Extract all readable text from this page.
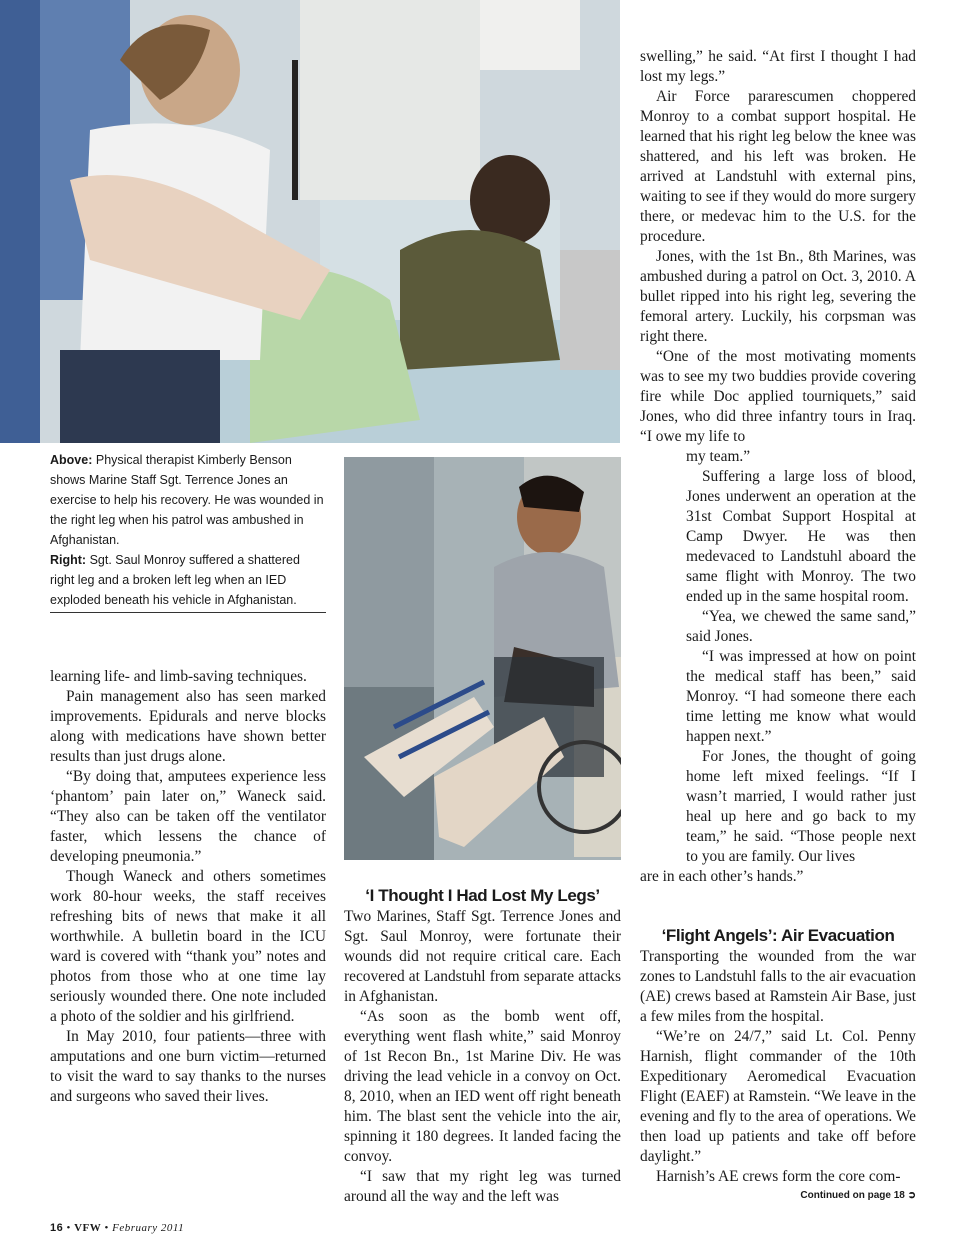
Above: Physical therapist Kimberly Benson shows Marine Staff Sgt. Terrence Jones an exercise to help his recovery. He was wounded in the right leg when his patrol was ambushed in Afghanistan.

Right: Sgt. Saul Monroy suffered a shattered right leg and a broken left leg when an IED exploded beneath his vehicle in Afghanistan.

learning life- and limb-saving techniques.

Pain management also has seen marked improvements. Epidurals and nerve blocks along with medications have shown better results than just drugs alone.

“By doing that, amputees experience less ‘phantom’ pain later on,” Waneck said. “They also can be taken off the ventilator faster, which lessens the chance of developing pneumonia.”

Though Waneck and others sometimes work 80-hour weeks, the staff receives refreshing bits of news that make it all worthwhile. A bulletin board in the ICU ward is covered with “thank you” notes and photos from those who at one time lay seriously wounded there. One note included a photo of the soldier and his girlfriend.

In May 2010, four patients—three with amputations and one burn victim—returned to visit the ward to say thanks to the nurses and surgeons who saved their lives.

‘I Thought I Had Lost My Legs’

Two Marines, Staff Sgt. Terrence Jones and Sgt. Saul Monroy, were fortunate their wounds did not require critical care. Each recovered at Landstuhl from separate attacks in Afghanistan.

“As soon as the bomb went off, everything went flash white,” said Monroy of 1st Recon Bn., 1st Marine Div. He was driving the lead vehicle in a convoy on Oct. 8, 2010, when an IED went off right beneath him. The blast sent the vehicle into the air, spinning it 180 degrees. It landed facing the convoy.

“I saw that my right leg was turned around all the way and the left was

swelling,” he said. “At first I thought I had lost my legs.”

Air Force pararescumen choppered Monroy to a combat support hospital. He learned that his right leg below the knee was shattered, and his left was broken. He arrived at Landstuhl with external pins, waiting to see if they would do more surgery there, or medevac him to the U.S. for the procedure.

Jones, with the 1st Bn., 8th Marines, was ambushed during a patrol on Oct. 3, 2010. A bullet ripped into his right leg, severing the femoral artery. Luckily, his corpsman was right there.

“One of the most motivating moments was to see my two buddies provide covering fire while Doc applied tourniquets,” said Jones, who did three infantry tours in Iraq. “I owe my life to

my team.”

Suffering a large loss of blood, Jones underwent an operation at the 31st Combat Support Hospital at Camp Dwyer. He was then medevaced to Landstuhl aboard the same flight with Monroy. The two ended up in the same hospital room.

“Yea, we chewed the same sand,” said Jones.

“I was impressed at how on point the medical staff has been,” said Monroy. “I had someone there each time letting me know what would happen next.”

For Jones, the thought of going home left mixed feelings. “If I wasn’t married, I would rather just heal up here and go back to my team,” he said. “Those people next to you are family. Our lives

are in each other’s hands.”

‘Flight Angels’: Air Evacuation

Transporting the wounded from the war zones to Landstuhl falls to the air evacuation (AE) crews based at Ramstein Air Base, just a few miles from the hospital.

“We’re on 24/7,” said Lt. Col. Penny Harnish, flight commander of the 10th Expeditionary Aeromedical Evacuation Flight (EAEF) at Ramstein. “We leave in the evening and fly to the area of operations. We then load up patients and take off before daylight.”

Harnish’s AE crews form the core com-

Continued on page 18 ➲
16 • VFW • February 2011
